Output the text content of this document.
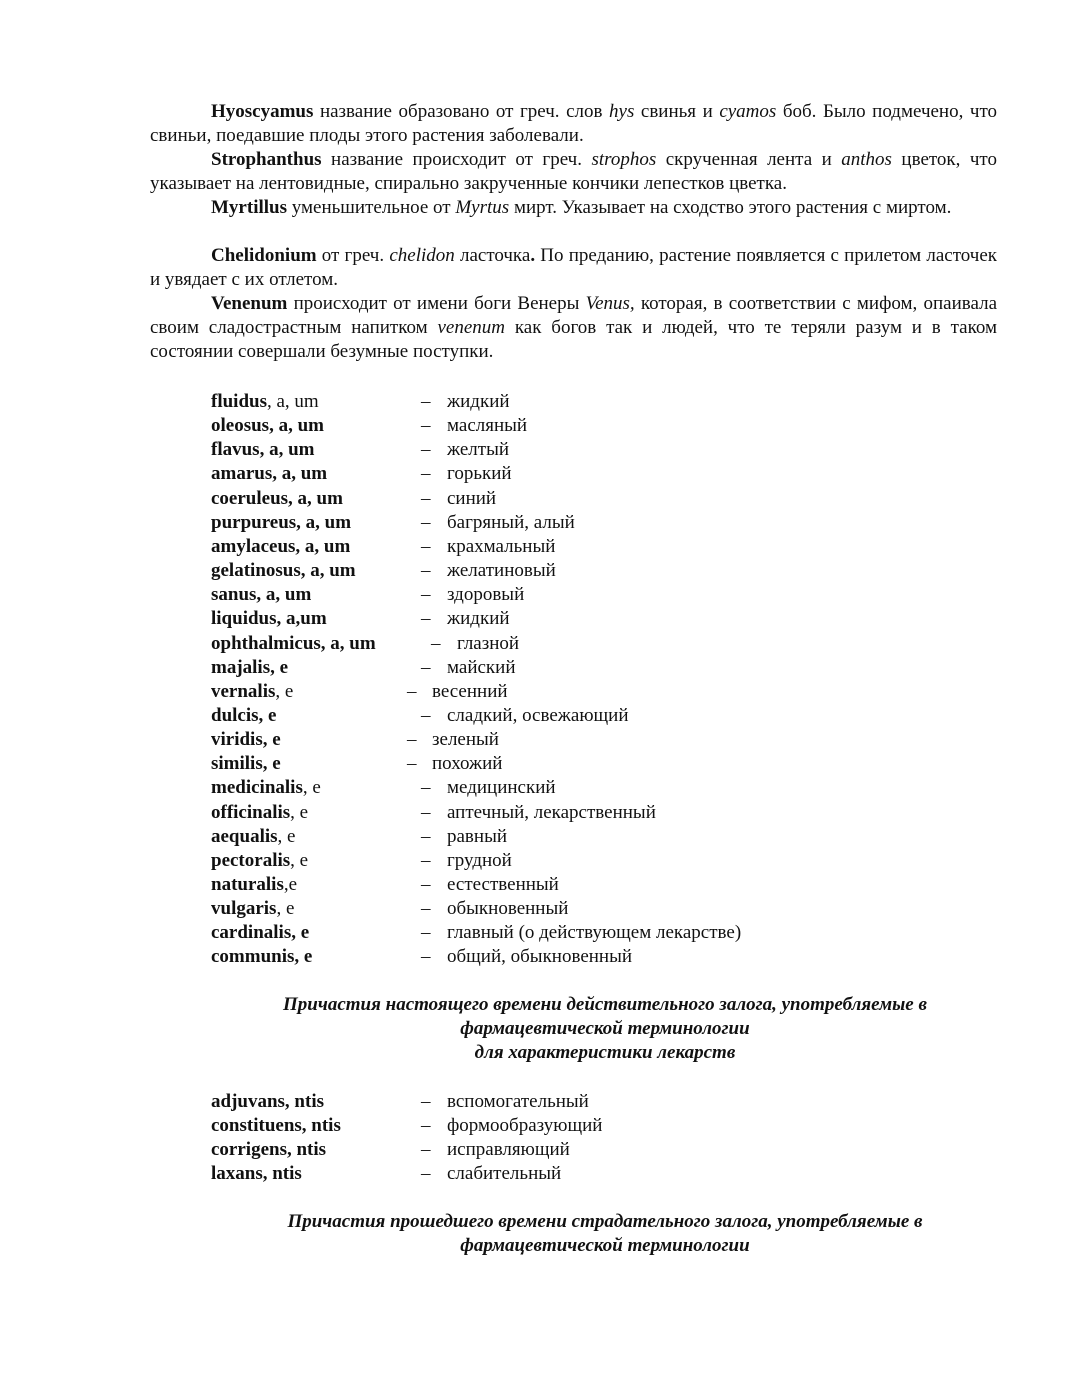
Hyoscyamus название образовано от греч. слов hys свинья и cyamos боб. Было подмечено, что свиньи, поедавшие плоды этого растения заболевали.

Strophanthus название происходит от греч. strophos скрученная лента и anthos цветок, что указывает на лентовидные, спирально закрученные кончики лепестков цветка.

Myrtillus уменьшительное от Myrtus мирт. Указывает на сходство этого растения с миртом.

Chelidonium от греч. chelidon ласточка. По преданию, растение появляется с прилетом ласточек и увядает с их отлетом.

Venenum происходит от имени боги Венеры Venus, которая, в соответствии с мифом, опаивала своим сладострастным напитком venenum как богов так и людей, что те теряли разум и в таком состоянии совершали безумные поступки.

fluidus, a, um	– жидкий
oleosus, a, um	– масляный
flavus, a, um	– желтый
amarus, a, um	– горький
coeruleus, a, um	– синий
purpureus, a, um	– багряный, алый
amylaceus, a, um	– крахмальный
gelatinosus, a, um	– желатиновый
sanus, a, um	– здоровый
liquidus, a,um	– жидкий
ophthalmicus, a, um	– глазной
majalis, e	– майский
vernalis, e	– весенний
dulcis, e	– сладкий, освежающий
viridis, e	– зеленый
similis, e	– похожий
medicinalis, e	– медицинский
officinalis, e	– аптечный, лекарственный
aequalis, e	– равный
pectoralis, e	– грудной
naturalis,e	– естественный
vulgaris, e	– обыкновенный
cardinalis, e	– главный (о действующем лекарстве)
communis, e	– общий, обыкновенный
Причастия настоящего времени действительного залога, употребляемые в
фармацевтической терминологии
для характеристики лекарств
adjuvans, ntis	– вспомогательный
constituens, ntis	– формообразующий
corrigens, ntis	– исправляющий
laxans, ntis	– слабительный
Причастия прошедшего времени страдательного залога, употребляемые в
фармацевтической терминологии
